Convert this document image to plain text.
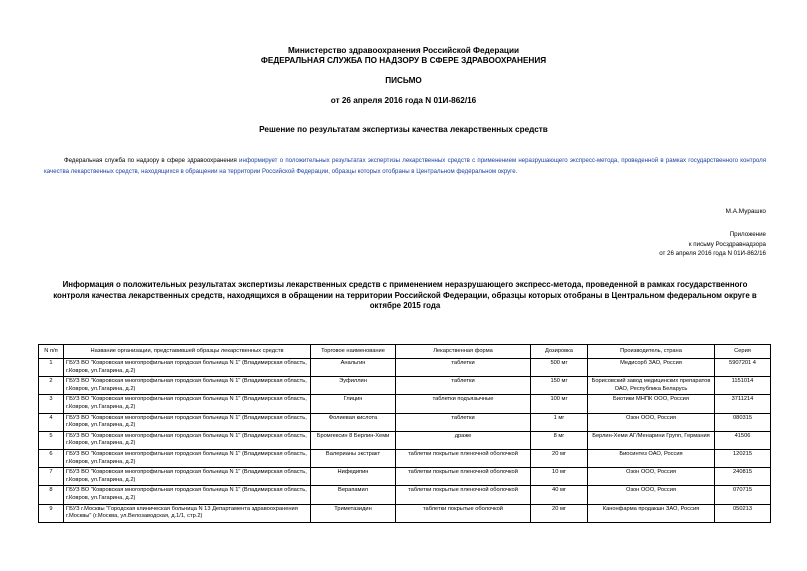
Министерство здравоохранения Российской Федерации
ФЕДЕРАЛЬНАЯ СЛУЖБА ПО НАДЗОРУ В СФЕРЕ ЗДРАВООХРАНЕНИЯ
ПИСЬМО
от 26 апреля 2016 года N 01И-862/16
Решение по результатам экспертизы качества лекарственных средств
Федеральная служба по надзору в сфере здравоохранения информирует о положительных результатах экспертизы лекарственных средств с применением неразрушающего экспресс-метода, проведенной в рамках государственного контроля качества лекарственных средств, находящихся в обращении на территории Российской Федерации, образцы которых отобраны в Центральном федеральном округе.
М.А.Мурашко
Приложение
к письму Росздравнадзора
от 26 апреля 2016 года N 01И-862/16
Информация о положительных результатах экспертизы лекарственных средств с применением неразрушающего экспресс-метода, проведенной в рамках государственного контроля качества лекарственных средств, находящихся в обращении на территории Российской Федерации, образцы которых отобраны в Центральном федеральном округе в октябре 2015 года
N п/п	Название организации, представившей образцы лекарственных средств	Торговое наименование	Лекарственная форма	Дозировка	Производитель, страна	Серия
1	ГБУЗ ВО "Ковровская многопрофильная городская больница N 1" (Владимирская область, г.Ковров, ул.Гагарина, д.2)	Анальгин	таблетки	500 мг	Медисорб ЗАО, Россия	5907201 4
2	ГБУЗ ВО "Ковровская многопрофильная городская больница N 1" (Владимирская область, г.Ковров, ул.Гагарина, д.2)	Эуфиллин	таблетки	150 мг	Борисовский завод медицинских препаратов ОАО, Республика Беларусь	1151014
3	ГБУЗ ВО "Ковровская многопрофильная городская больница N 1" (Владимирская область, г.Ковров, ул.Гагарина, д.2)	Глицин	таблетки подъязычные	100 мг	Биотики МНПК ООО, Россия	3711214
4	ГБУЗ ВО "Ковровская многопрофильная городская больница N 1" (Владимирская область, г.Ковров, ул.Гагарина, д.2)	Фолиевая кислота	таблетки	1 мг	Озон ООО, Россия	080315
5	ГБУЗ ВО "Ковровская многопрофильная городская больница N 1" (Владимирская область, г.Ковров, ул.Гагарина, д.2)	Бромгексин 8 Берлин-Хеми	драже	8 мг	Берлин-Хеми АГ/Менарини Групп, Германия	41506
6	ГБУЗ ВО "Ковровская многопрофильная городская больница N 1" (Владимирская область, г.Ковров, ул.Гагарина, д.2)	Валерианы экстракт	таблетки покрытые пленочной оболочкой	20 мг	Биосинтез ОАО, Россия	120215
7	ГБУЗ ВО "Ковровская многопрофильная городская больница N 1" (Владимирская область, г.Ковров, ул.Гагарина, д.2)	Нифедипин	таблетки покрытые пленочной оболочкой	10 мг	Озон ООО, Россия	240815
8	ГБУЗ ВО "Ковровская многопрофильная городская больница N 1" (Владимирская область, г.Ковров, ул.Гагарина, д.2)	Верапамил	таблетки покрытые пленочной оболочкой	40 мг	Озон ООО, Россия	070715
9	ГБУЗ г.Москвы "Городская клиническая больница N 13 Департамента здравоохранения г.Москвы" (г.Москва, ул.Велозаводская, д.1/1, стр.2)	Триметазидин	таблетки покрытые оболочкой	20 мг	Канонфарма продакшн ЗАО, Россия	050213
